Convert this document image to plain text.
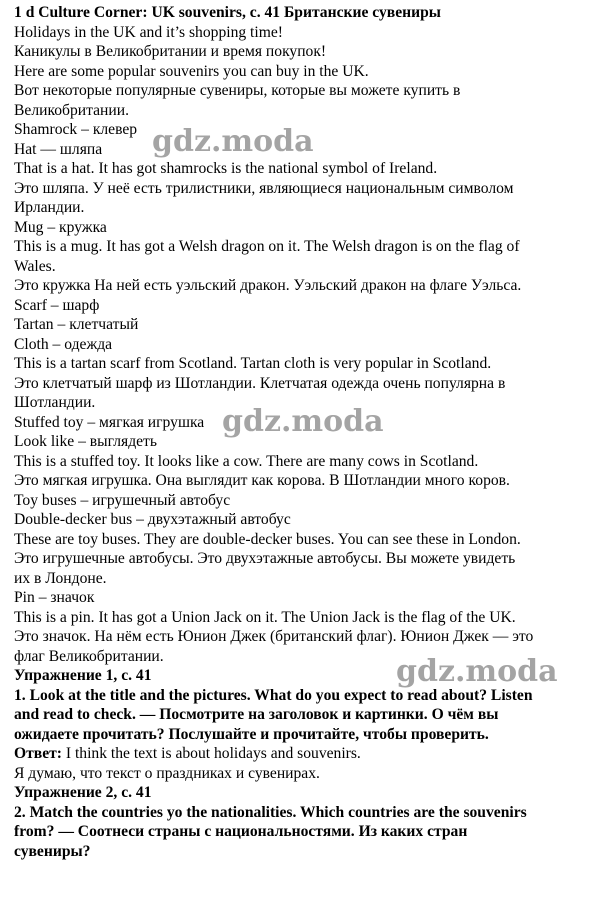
1 d Culture Corner: UK souvenirs, с. 41 Британские сувениры
Holidays in the UK and it’s shopping time!
Каникулы в Великобритании и время покупок!
Here are some popular souvenirs you can buy in the UK.
Вот некоторые популярные сувениры, которые вы можете купить в
Великобритании.
Shamrock – клевер
Hat — шляпа
That is a hat. It has got shamrocks is the national symbol of Ireland.
Это шляпа. У неё есть трилистники, являющиеся национальным символом
Ирландии.
Mug – кружка
This is a mug. It has got a Welsh dragon on it. The Welsh dragon is on the flag of
Wales.
Это кружка На ней есть уэльский дракон. Уэльский дракон на флаге Уэльса.
Scarf – шарф
Tartan – клетчатый
Cloth – одежда
This is a tartan scarf from Scotland. Tartan cloth is very popular in Scotland.
Это клетчатый шарф из Шотландии. Клетчатая одежда очень популярна в
Шотландии.
Stuffed toy – мягкая игрушка
Look like – выглядеть
This is a stuffed toy. It looks like a cow. There are many cows in Scotland.
Это мягкая игрушка. Она выглядит как корова. В Шотландии много коров.
Toy buses – игрушечный автобус
Double-decker bus – двухэтажный автобус
These are toy buses. They are double-decker buses. You can see these in London.
Это игрушечные автобусы. Это двухэтажные автобусы. Вы можете увидеть
их в Лондоне.
Pin – значок
This is a pin. It has got a Union Jack on it. The Union Jack is the flag of the UK.
Это значок. На нём есть Юнион Джек (британский флаг). Юнион Джек — это
флаг Великобритании.
Упражнение 1, с. 41
1. Look at the title and the pictures. What do you expect to read about? Listen
and read to check. — Посмотрите на заголовок и картинки. О чём вы
ожидаете прочитать? Послушайте и прочитайте, чтобы проверить.
Ответ: I think the text is about holidays and souvenirs.
Я думаю, что текст о праздниках и сувенирах.
Упражнение 2, с. 41
2. Match the countries yo the nationalities. Which countries are the souvenirs
from? — Соотнеси страны с национальностями. Из каких стран
сувениры?
gdz.moda
gdz.moda
gdz.moda
